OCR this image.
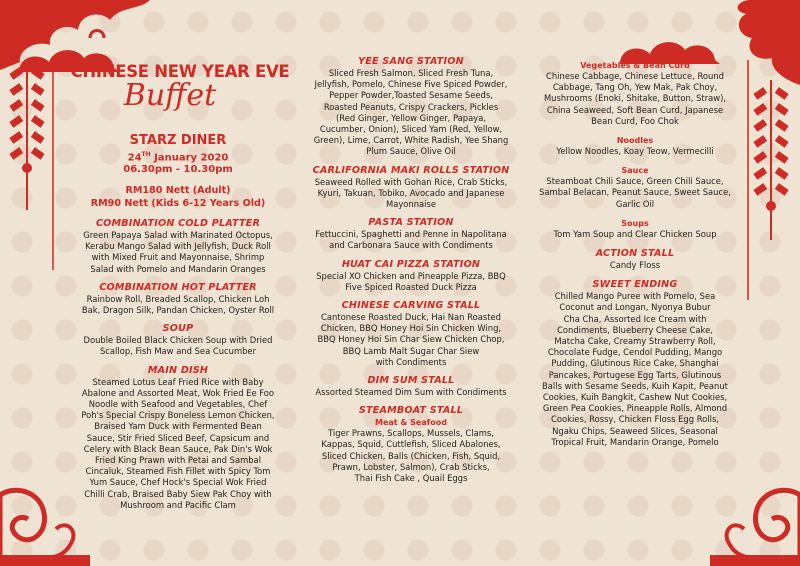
CHINESE NEW YEAR EVE
Buffet
STARZ DINER
24TH January 2020
06.30pm - 10.30pm
RM180 Nett (Adult)
RM90 Nett (Kids 6-12 Years Old)

COMBINATION COLD PLATTER

Green Papaya Salad with Marinated Octopus,
Kerabu Mango Salad with Jellyfish, Duck Roll
with Mixed Fruit and Mayonnaise, Shrimp
Salad with Pomelo and Mandarin Oranges

COMBINATION HOT PLATTER

Rainbow Roll, Breaded Scallop, Chicken Loh
Bak, Dragon Silk, Pandan Chicken, Oyster Roll

SOUP

Double Boiled Black Chicken Soup with Dried
Scallop, Fish Maw and Sea Cucumber

MAIN DISH

Steamed Lotus Leaf Fried Rice with Baby
Abalone and Assorted Meat, Wok Fried Ee Foo
Noodle with Seafood and Vegetables, Chef
Poh's Special Crispy Boneless Lemon Chicken,
Braised Yam Duck with Fermented Bean
Sauce, Stir Fried Sliced Beef, Capsicum and
Celery with Black Bean Sauce, Pak Din's Wok
Fried King Prawn with Petai and Sambal
Cincaluk, Steamed Fish Fillet with Spicy Tom
Yum Sauce, Chef Hock's Special Wok Fried
Chilli Crab, Braised Baby Siew Pak Choy with
Mushroom and Pacific Clam

YEE SANG STATION

Sliced Fresh Salmon, Sliced Fresh Tuna,
Jellyfish, Pomelo, Chinese Five Spiced Powder,
Pepper Powder,Toasted Sesame Seeds,
Roasted Peanuts, Crispy Crackers, Pickles
(Red Ginger, Yellow Ginger, Papaya,
Cucumber, Onion), Sliced Yam (Red, Yellow,
Green), Lime, Carrot, White Radish, Yee Shang
Plum Sauce, Olive Oil

CARLIFORNIA MAKI ROLLS STATION

Seaweed Rolled with Gohan Rice, Crab Sticks,
Kyuri, Takuan, Tobiko, Avocado and Japanese
Mayonnaise

PASTA STATION

Fettuccini, Spaghetti and Penne in Napolitana
and Carbonara Sauce with Condiments

HUAT CAI PIZZA STATION

Special XO Chicken and Pineapple Pizza, BBQ
Five Spiced Roasted Duck Pizza

CHINESE CARVING STALL

Cantonese Roasted Duck, Hai Nan Roasted
Chicken, BBQ Honey Hoi Sin Chicken Wing,
BBQ Honey Hoi Sin Char Siew Chicken Chop,
BBQ Lamb Malt Sugar Char Siew
with Condiments

DIM SUM STALL

Assorted Steamed Dim Sum with Condiments

STEAMBOAT STALL

Meat & Seafood

Tiger Prawns, Scallops, Mussels, Clams,
Kappas, Squid, Cuttlefish, Sliced Abalones,
Sliced Chicken, Balls (Chicken, Fish, Squid,
Prawn, Lobster, Salmon), Crab Sticks,
Thai Fish Cake , Quail Eggs

Vegetables & Bean Curd

Chinese Cabbage, Chinese Lettuce, Round
Cabbage, Tang Oh, Yew Mak, Pak Choy,
Mushrooms (Enoki, Shitake, Button, Straw),
China Seaweed, Soft Bean Curd, Japanese
Bean Curd, Foo Chok

Noodles

Yellow Noodles, Koay Teow, Vermecilli

Sauce

Steamboat Chili Sauce, Green Chili Sauce,
Sambal Belacan, Peanut Sauce, Sweet Sauce,
Garlic Oil

Soups

Tom Yam Soup and Clear Chicken Soup

ACTION STALL

Candy Floss

SWEET ENDING

Chilled Mango Puree with Pomelo, Sea
Coconut and Longan, Nyonya Bubur
Cha Cha, Assorted Ice Cream with
Condiments, Blueberry Cheese Cake,
Matcha Cake, Creamy Strawberry Roll,
Chocolate Fudge, Cendol Pudding, Mango
Pudding, Glutinous Rice Cake, Shanghai
Pancakes, Portugese Egg Tarts, Glutinous
Balls with Sesame Seeds, Kuih Kapit, Peanut
Cookies, Kuih Bangkit, Cashew Nut Cookies,
Green Pea Cookies, Pineapple Rolls, Almond
Cookies, Rossy, Chicken Floss Egg Rolls,
Ngaku Chips, Seaweed Slices, Seasonal
Tropical Fruit, Mandarin Orange, Pomelo
